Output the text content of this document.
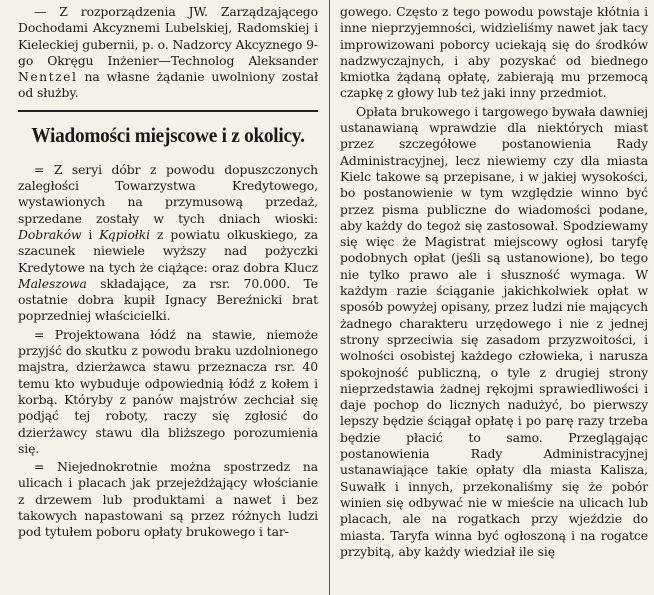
— Z rozporządzenia JW. Zarządzającego Dochodami Akcyznemi Lubelskiej, Radomskiej i Kieleckiej gubernii, p. o. Nadzorcy Akcyznego 9-go Okręgu Inżenier—Technolog Aleksander Nentzel na własne żądanie uwolniony został od służby.

Wiadomości miejscowe i z okolicy.

= Z seryi dóbr z powodu dopuszczonych zaległości Towarzystwa Kredytowego, wystawionych na przymusową przedaż, sprzedane zostały w tych dniach wioski: Dobraków i Kąpiołki z powiatu olkuskiego, za szacunek niewiele wyższy nad pożyczki Kredytowe na tych że ciążące: oraz dobra Klucz Maleszowa składające, za rsr. 70.000. Te ostatnie dobra kupił Ignacy Bereźnicki brat poprzedniej właścicielki.

= Projektowana łódź na stawie, niemoże przyjść do skutku z powodu braku uzdolnionego majstra, dzierżawca stawu przeznacza rsr. 40 temu kto wybuduje odpowiednią łódź z kołem i korbą. Któryby z panów majstrów zechciał się podjąć tej roboty, raczy się zgłosić do dzierżawcy stawu dla bliższego porozumienia się.

= Niejednokrotnie można spostrzedz na ulicach i placach jak przejeżdżający włościanie z drzewem lub produktami a nawet i bez takowych napastowani są przez różnych ludzi pod tytułem poboru opłaty brukowego i tar-

gowego. Często z tego powodu powstaje kłótnia i inne nieprzyjemności, widzieliśmy nawet jak tacy improwizowani poborcy uciekają się do środków nadzwyczajnych, i aby pozyskać od biednego kmiotka żądaną opłatę, zabierają mu przemocą czapkę z głowy lub też jaki inny przedmiot.

Opłata brukowego i targowego bywała dawniej ustanawianą wprawdzie dla niektórych miast przez szczegółowe postanowienia Rady Administracyjnej, lecz niewiemy czy dla miasta Kielc takowe są przepisane, i w jakiej wysokości, bo postanowienie w tym względzie winno być przez pisma publiczne do wiadomości podane, aby każdy do tegoż się zastosował. Spodziewamy się więc że Magistrat miejscowy ogłosi taryfę podobnych opłat (jeśli są ustanowione), bo tego nie tylko prawo ale i słuszność wymaga. W każdym razie ściąganie jakichkolwiek opłat w sposób powyżej opisany, przez ludzi nie mających żadnego charakteru urzędowego i nie z jednej strony sprzeciwia się zasadom przyzwoitości, i wolności osobistej każdego człowieka, i narusza spokojność publiczną, o tyle z drugiej strony nieprzedstawia żadnej rękojmi sprawiedliwości i daje pochop do licznych nadużyć, bo pierwszy lepszy będzie ściągał opłatę i po parę razy trzeba będzie płacić to samo. Przeglągając postanowienia Rady Administracyjnej ustanawiające takie opłaty dla miasta Kalisza, Suwałk i innych, przekonaliśmy się że pobór winien się odbywać nie w mieście na ulicach lub placach, ale na rogatkach przy wjeździe do miasta. Taryfa winna być ogłoszoną i na rogatce przybitą, aby każdy wiedział ile się
